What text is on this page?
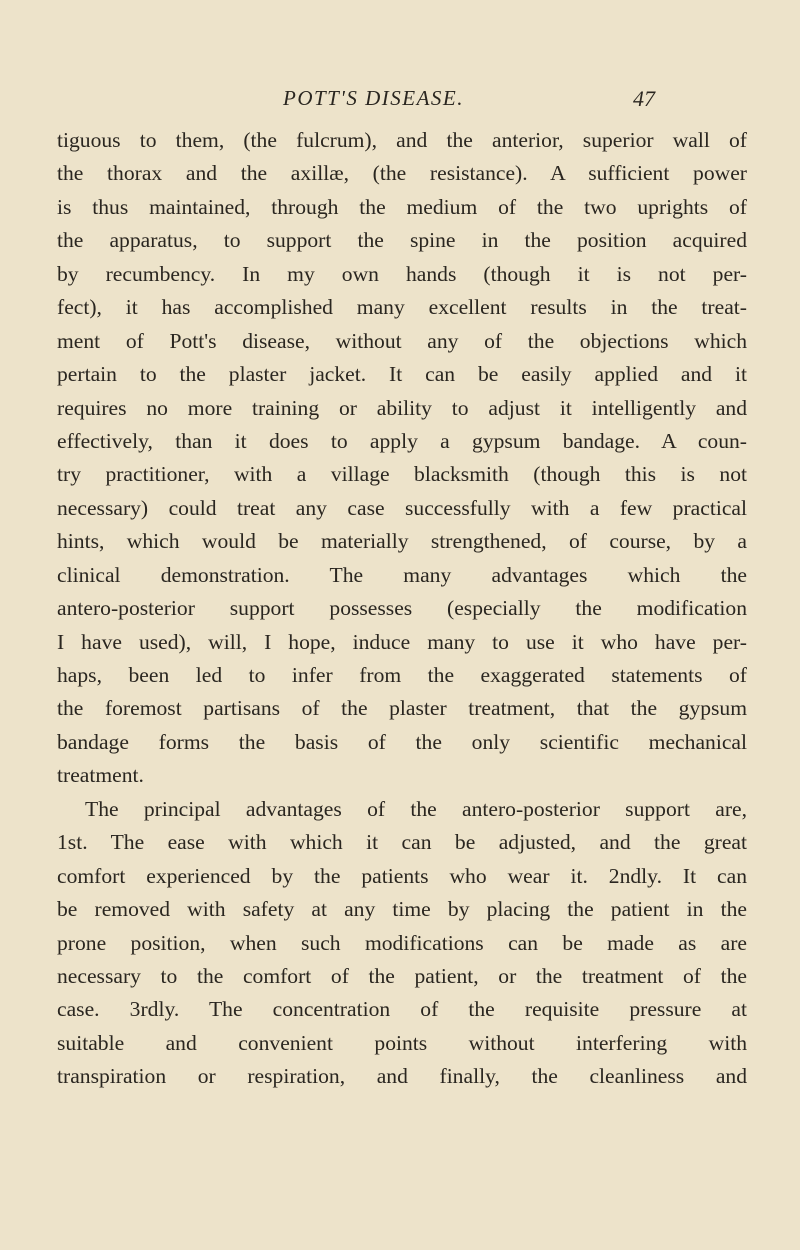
POTT'S DISEASE.	47
tiguous to them, (the fulcrum), and the anterior, superior wall of
the thorax and the axillæ, (the resistance). A sufficient power
is thus maintained, through the medium of the two uprights of
the apparatus, to support the spine in the position acquired
by recumbency. In my own hands (though it is not per-
fect), it has accomplished many excellent results in the treat-
ment of Pott's disease, without any of the objections which
pertain to the plaster jacket. It can be easily applied and it
requires no more training or ability to adjust it intelligently and
effectively, than it does to apply a gypsum bandage. A coun-
try practitioner, with a village blacksmith (though this is not
necessary) could treat any case successfully with a few practical
hints, which would be materially strengthened, of course, by a
clinical demonstration. The many advantages which the
antero-posterior support possesses (especially the modification
I have used), will, I hope, induce many to use it who have per-
haps, been led to infer from the exaggerated statements of
the foremost partisans of the plaster treatment, that the gypsum
bandage forms the basis of the only scientific mechanical
treatment.
The principal advantages of the antero-posterior support are,
1st. The ease with which it can be adjusted, and the great
comfort experienced by the patients who wear it. 2ndly. It can
be removed with safety at any time by placing the patient in the
prone position, when such modifications can be made as are
necessary to the comfort of the patient, or the treatment of the
case. 3rdly. The concentration of the requisite pressure at
suitable and convenient points without interfering with
transpiration or respiration, and finally, the cleanliness and
